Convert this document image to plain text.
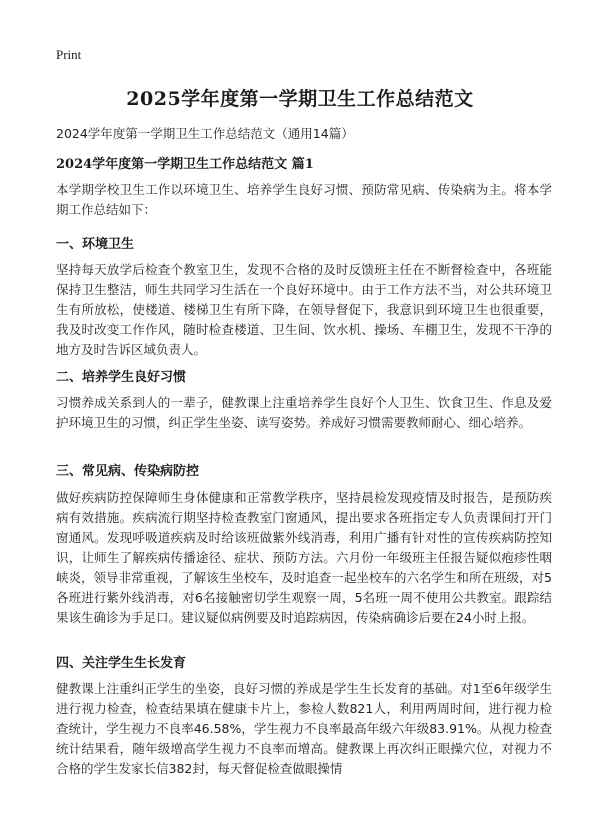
Print
2025学年度第一学期卫生工作总结范文
2024学年度第一学期卫生工作总结范文（通用14篇）
2024学年度第一学期卫生工作总结范文 篇1

本学期学校卫生工作以环境卫生、培养学生良好习惯、预防常见病、传染病为主。将本学期工作总结如下：

一、环境卫生

坚持每天放学后检查个教室卫生，发现不合格的及时反馈班主任在不断督检查中，各班能保持卫生整洁，师生共同学习生活在一个良好环境中。由于工作方法不当，对公共环境卫生有所放松，使楼道、楼梯卫生有所下降，在领导督促下，我意识到环境卫生也很重要，我及时改变工作作风，随时检查楼道、卫生间、饮水机、操场、车棚卫生，发现不干净的地方及时告诉区域负责人。

二、培养学生良好习惯

习惯养成关系到人的一辈子，健教课上注重培养学生良好个人卫生、饮食卫生、作息及爱护环境卫生的习惯，纠正学生坐姿、读写姿势。养成好习惯需要教师耐心、细心培养。

三、常见病、传染病防控

做好疾病防控保障师生身体健康和正常教学秩序，坚持晨检发现疫情及时报告，是预防疾病有效措施。疾病流行期坚持检查教室门窗通风，提出要求各班指定专人负责课间打开门窗通风。发现呼吸道疾病及时给该班做紫外线消毒，利用广播有针对性的宣传疾病防控知识，让师生了解疾病传播途径、症状、预防方法。六月份一年级班主任报告疑似疱疹性咽峡炎，领导非常重视，了解该生坐校车，及时追查一起坐校车的六名学生和所在班级，对5各班进行紫外线消毒，对6名接触密切学生观察一周，5名班一周不使用公共教室。跟踪结果该生确诊为手足口。建议疑似病例要及时追踪病因，传染病确诊后要在24小时上报。

四、关注学生生长发育

健教课上注重纠正学生的坐姿，良好习惯的养成是学生生长发育的基础。对1至6年级学生进行视力检查，检查结果填在健康卡片上，参检人数821人，利用两周时间，进行视力检查统计，学生视力不良率46.58%，学生视力不良率最高年级六年级83.91%。从视力检查统计结果看，随年级增高学生视力不良率而增高。健教课上再次纠正眼操穴位，对视力不合格的学生发家长信382封，每天督促检查做眼操情
